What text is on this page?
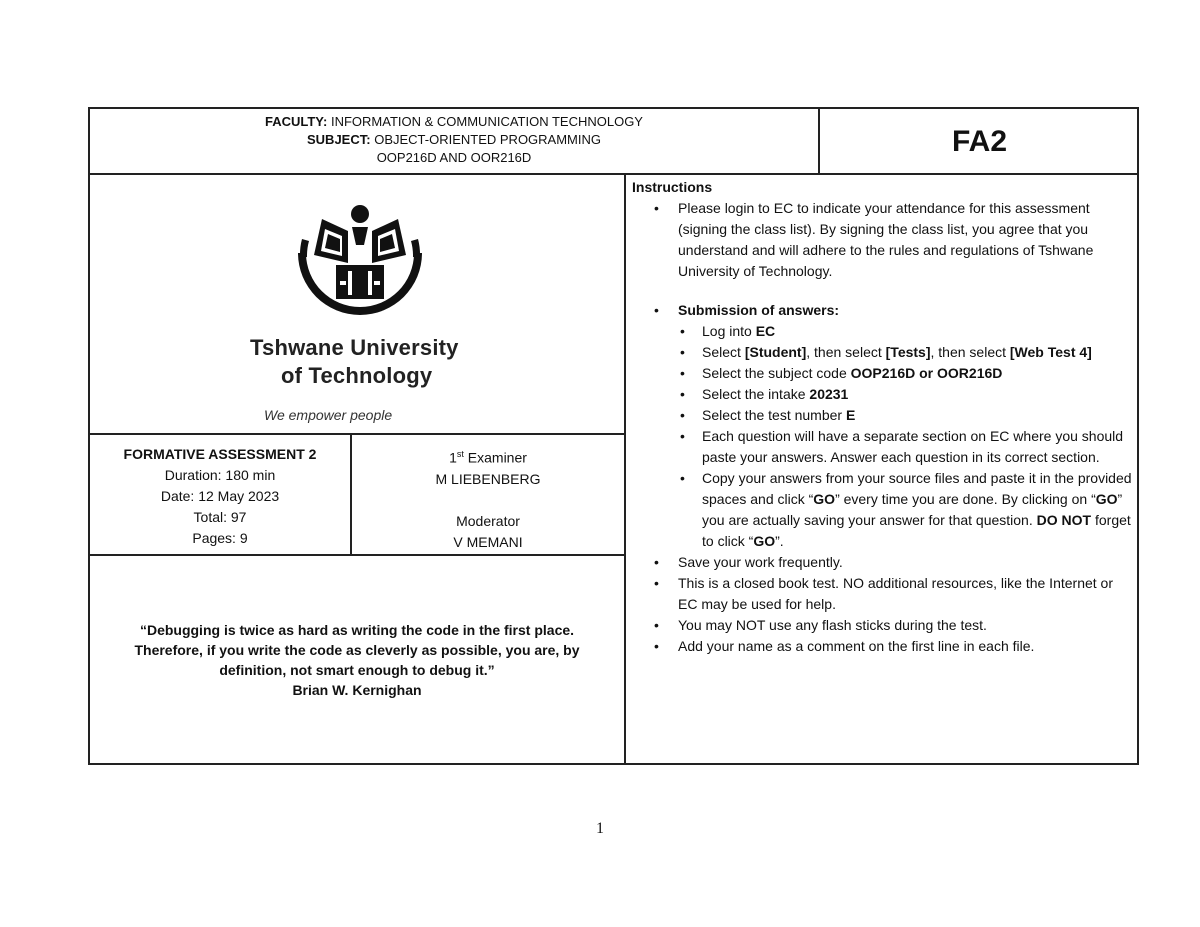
FACULTY: INFORMATION & COMMUNICATION TECHNOLOGY
SUBJECT: OBJECT-ORIENTED PROGRAMMING
OOP216D AND OOR216D	FA2
Tshwane University
of Technology
We empower people
FORMATIVE ASSESSMENT 2
Duration: 180 min
Date: 12 May 2023
Total: 97
Pages: 9
1st Examiner
M LIEBENBERG
Moderator
V MEMANI
“Debugging is twice as hard as writing the code in the first place. Therefore, if you write the code as cleverly as possible, you are, by definition, not smart enough to debug it.”
Brian W. Kernighan
Instructions
• Please login to EC to indicate your attendance for this assessment (signing the class list). By signing the class list, you agree that you understand and will adhere to the rules and regulations of Tshwane University of Technology.
• Submission of answers:
• Log into EC
• Select [Student], then select [Tests], then select [Web Test 4]
• Select the subject code OOP216D or OOR216D
• Select the intake 20231
• Select the test number E
• Each question will have a separate section on EC where you should paste your answers. Answer each question in its correct section.
• Copy your answers from your source files and paste it in the provided spaces and click “GO” every time you are done. By clicking on “GO” you are actually saving your answer for that question. DO NOT forget to click “GO”.
• Save your work frequently.
• This is a closed book test. NO additional resources, like the Internet or EC may be used for help.
• You may NOT use any flash sticks during the test.
• Add your name as a comment on the first line in each file.
1
